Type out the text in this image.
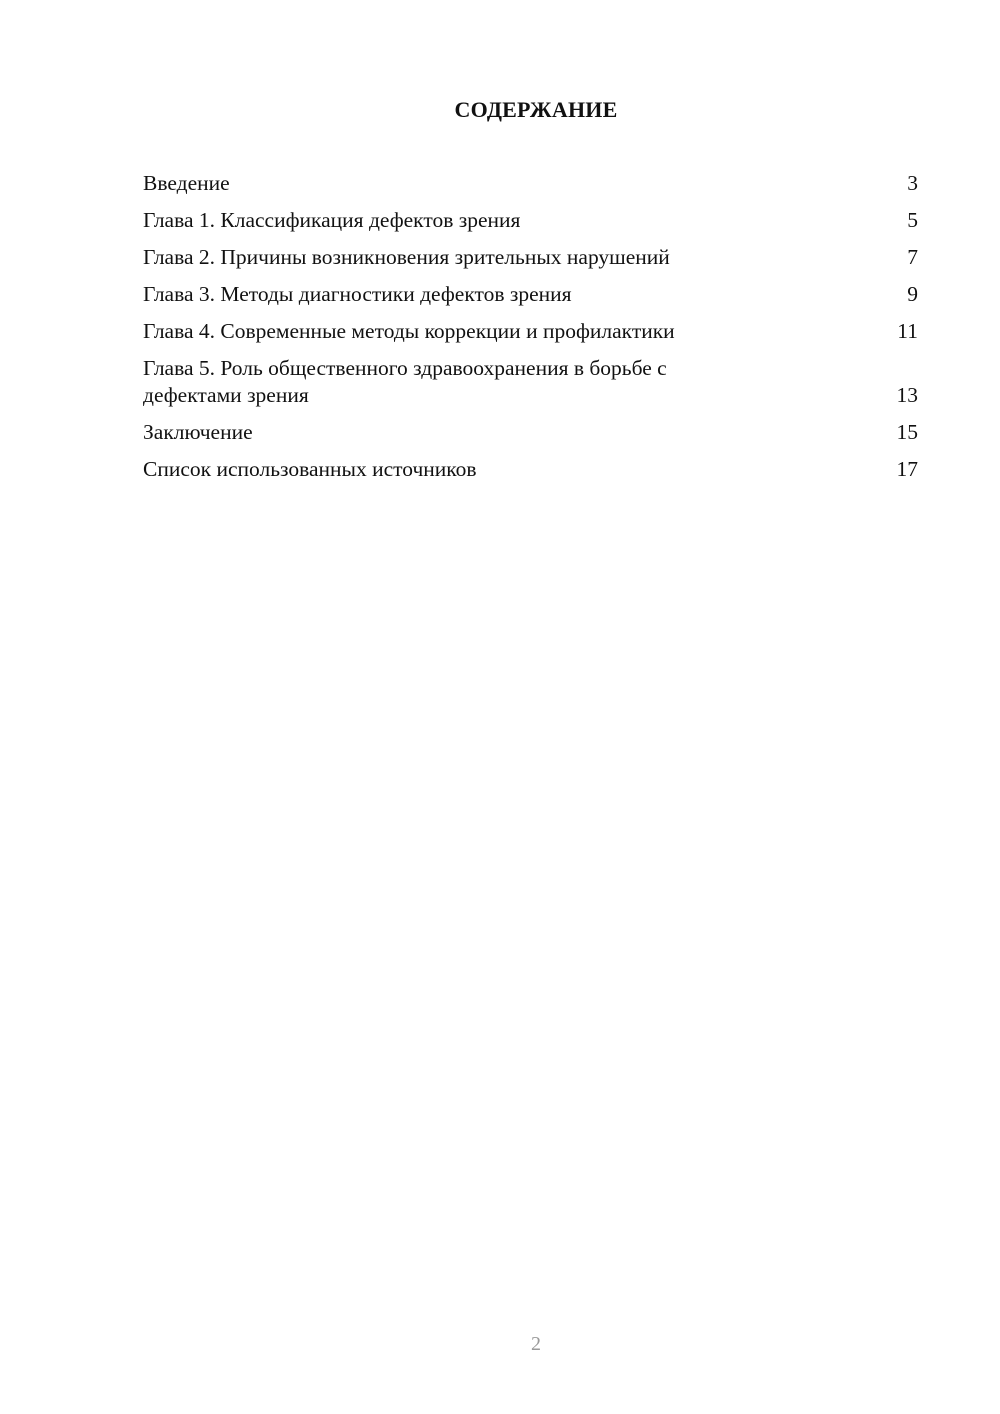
СОДЕРЖАНИЕ
Введение	3
Глава 1. Классификация дефектов зрения	5
Глава 2. Причины возникновения зрительных нарушений	7
Глава 3. Методы диагностики дефектов зрения	9
Глава 4. Современные методы коррекции и профилактики	11
Глава 5. Роль общественного здравоохранения в борьбе с дефектами зрения	13
Заключение	15
Список использованных источников	17
2
